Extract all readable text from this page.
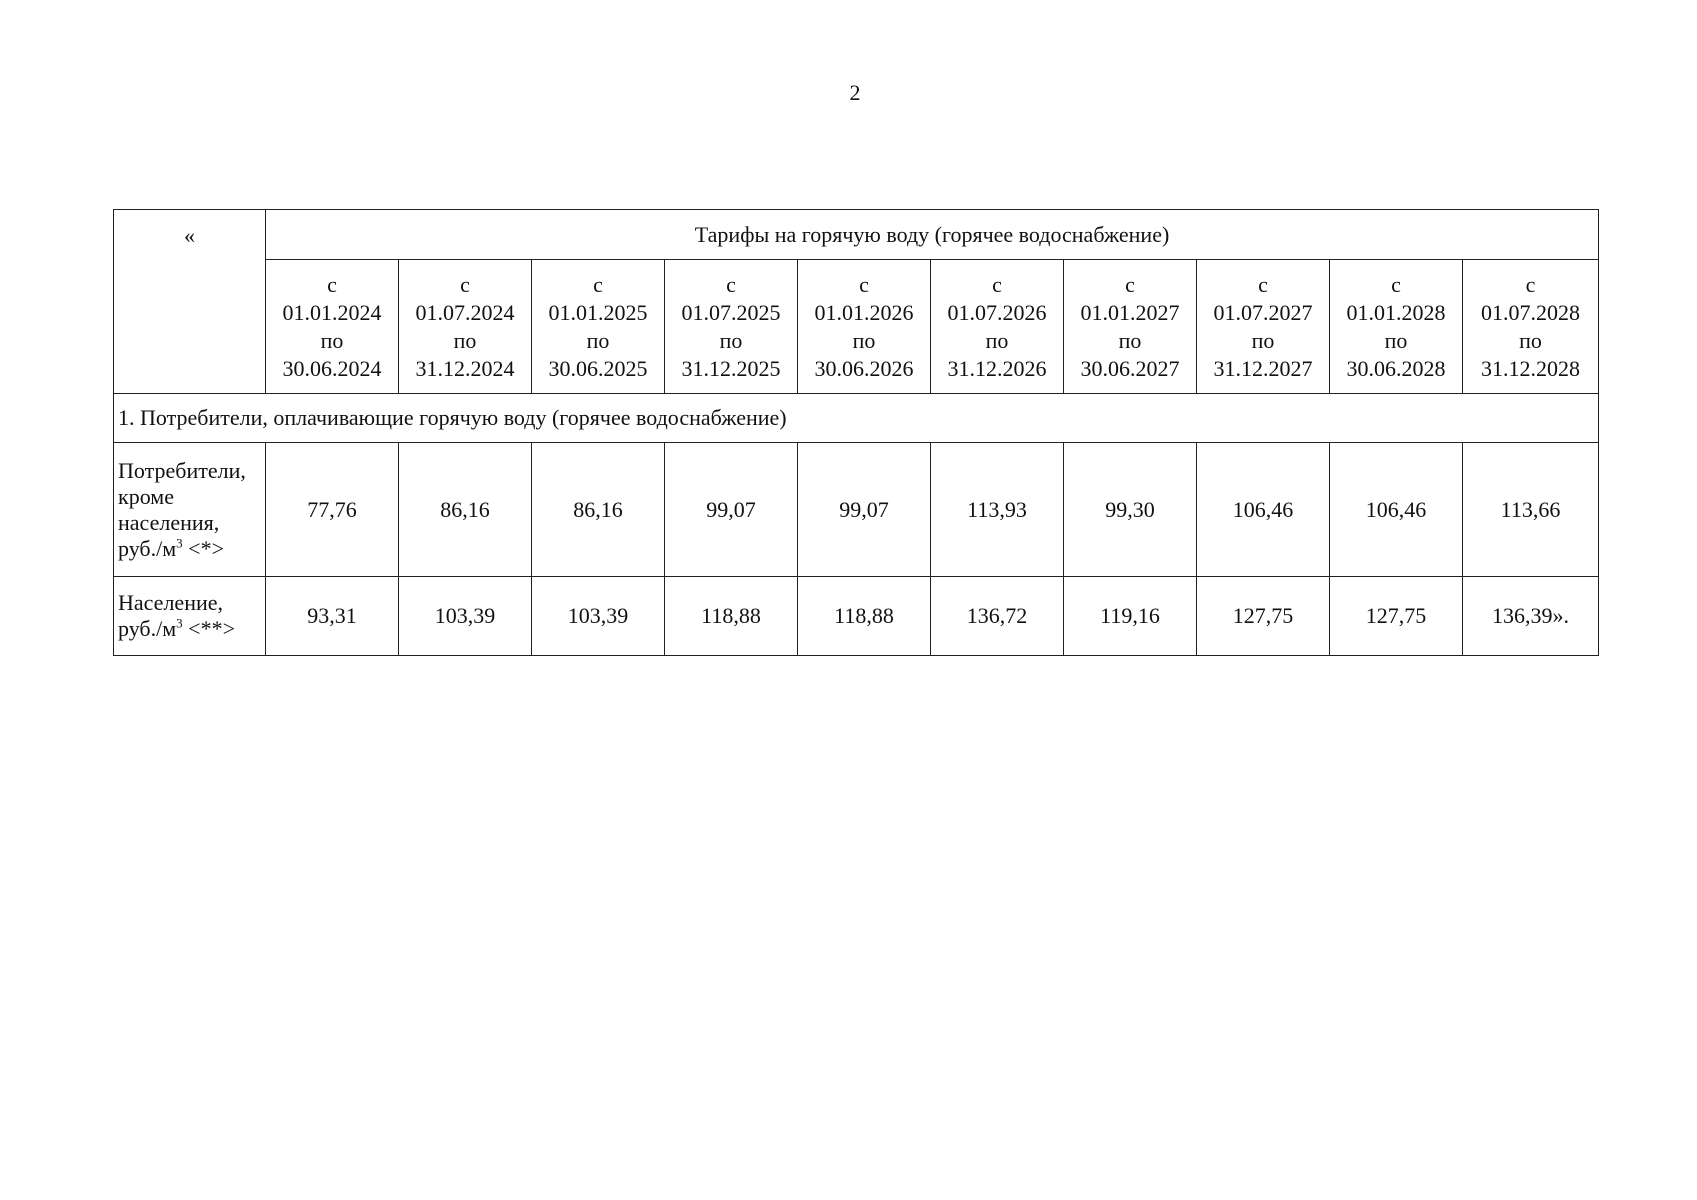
2
«	Тарифы на горячую воду (горячее водоснабжение)									

	с
01.01.2024
по
30.06.2024	с
01.07.2024
по
31.12.2024	с
01.01.2025
по
30.06.2025	с
01.07.2025
по
31.12.2025	с
01.01.2026
по
30.06.2026	с
01.07.2026
по
31.12.2026	с
01.01.2027
по
30.06.2027	с
01.07.2027
по
31.12.2027	с
01.01.2028
по
30.06.2028	с
01.07.2028
по
31.12.2028

1. Потребители, оплачивающие горячую воду (горячее водоснабжение)										
Потребители,
кроме
населения,
$руб./м^3$ <*>	77,76	86,16	86,16	99,07	99,07	113,93	99,30	106,46	106,46	113,66
Население,
$руб./м^3$ <**>	93,31	103,39	103,39	118,88	118,88	136,72	119,16	127,75	127,75	136,39».
